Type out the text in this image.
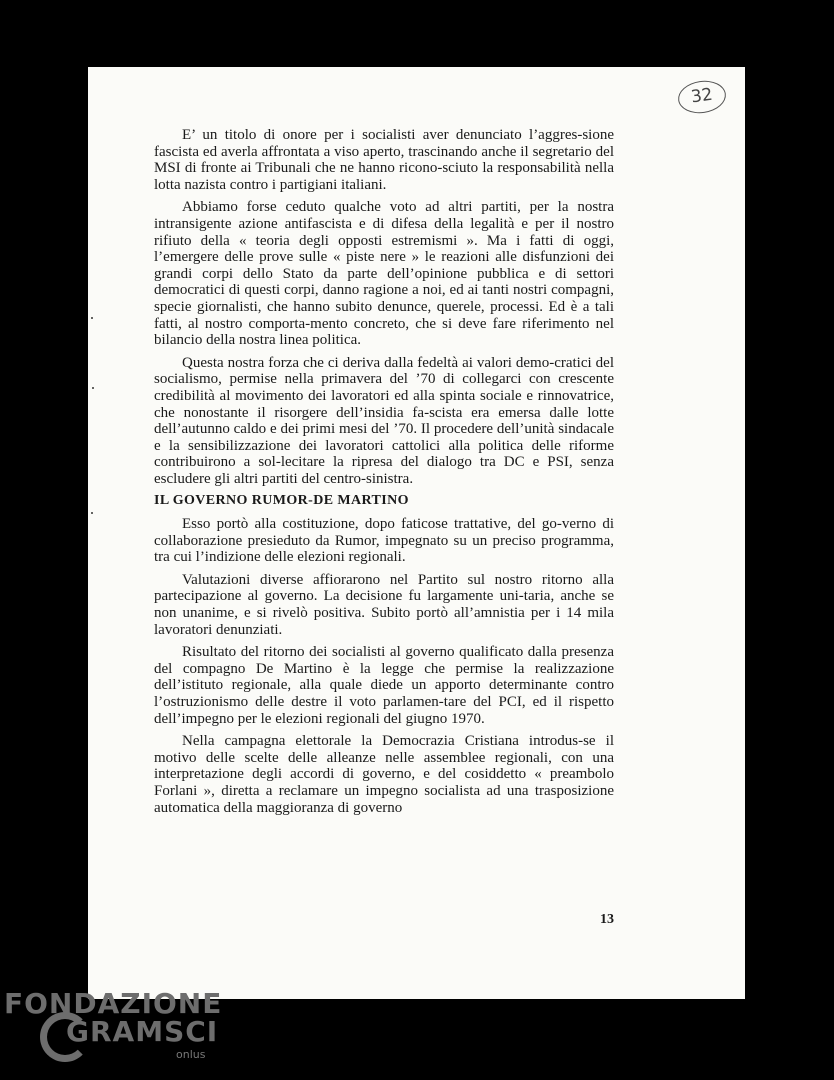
32

E’ un titolo di onore per i socialisti aver denunciato l’aggres-sione fascista ed averla affrontata a viso aperto, trascinando anche il segretario del MSI di fronte ai Tribunali che ne hanno ricono-sciuto la responsabilità nella lotta nazista contro i partigiani italiani.

Abbiamo forse ceduto qualche voto ad altri partiti, per la nostra intransigente azione antifascista e di difesa della legalità e per il nostro rifiuto della « teoria degli opposti estremismi ». Ma i fatti di oggi, l’emergere delle prove sulle « piste nere » le reazioni alle disfunzioni dei grandi corpi dello Stato da parte dell’opinione pubblica e di settori democratici di questi corpi, danno ragione a noi, ed ai tanti nostri compagni, specie giornalisti, che hanno subito denunce, querele, processi. Ed è a tali fatti, al nostro comporta-mento concreto, che si deve fare riferimento nel bilancio della nostra linea politica.

Questa nostra forza che ci deriva dalla fedeltà ai valori demo-cratici del socialismo, permise nella primavera del ’70 di collegarci con crescente credibilità al movimento dei lavoratori ed alla spinta sociale e rinnovatrice, che nonostante il risorgere dell’insidia fa-scista era emersa dalle lotte dell’autunno caldo e dei primi mesi del ’70. Il procedere dell’unità sindacale e la sensibilizzazione dei lavoratori cattolici alla politica delle riforme contribuirono a sol-lecitare la ripresa del dialogo tra DC e PSI, senza escludere gli altri partiti del centro-sinistra.

IL GOVERNO RUMOR-DE MARTINO

Esso portò alla costituzione, dopo faticose trattative, del go-verno di collaborazione presieduto da Rumor, impegnato su un preciso programma, tra cui l’indizione delle elezioni regionali.

Valutazioni diverse affiorarono nel Partito sul nostro ritorno alla partecipazione al governo. La decisione fu largamente uni-taria, anche se non unanime, e si rivelò positiva. Subito portò all’amnistia per i 14 mila lavoratori denunziati.

Risultato del ritorno dei socialisti al governo qualificato dalla presenza del compagno De Martino è la legge che permise la realizzazione dell’istituto regionale, alla quale diede un apporto determinante contro l’ostruzionismo delle destre il voto parlamen-tare del PCI, ed il rispetto dell’impegno per le elezioni regionali del giugno 1970.

Nella campagna elettorale la Democrazia Cristiana introdus-se il motivo delle scelte delle alleanze nelle assemblee regionali, con una interpretazione degli accordi di governo, e del cosiddetto « preambolo Forlani », diretta a reclamare un impegno socialista ad una trasposizione automatica della maggioranza di governo

13
FONDAZIONE
GRAMSCI
onlus
